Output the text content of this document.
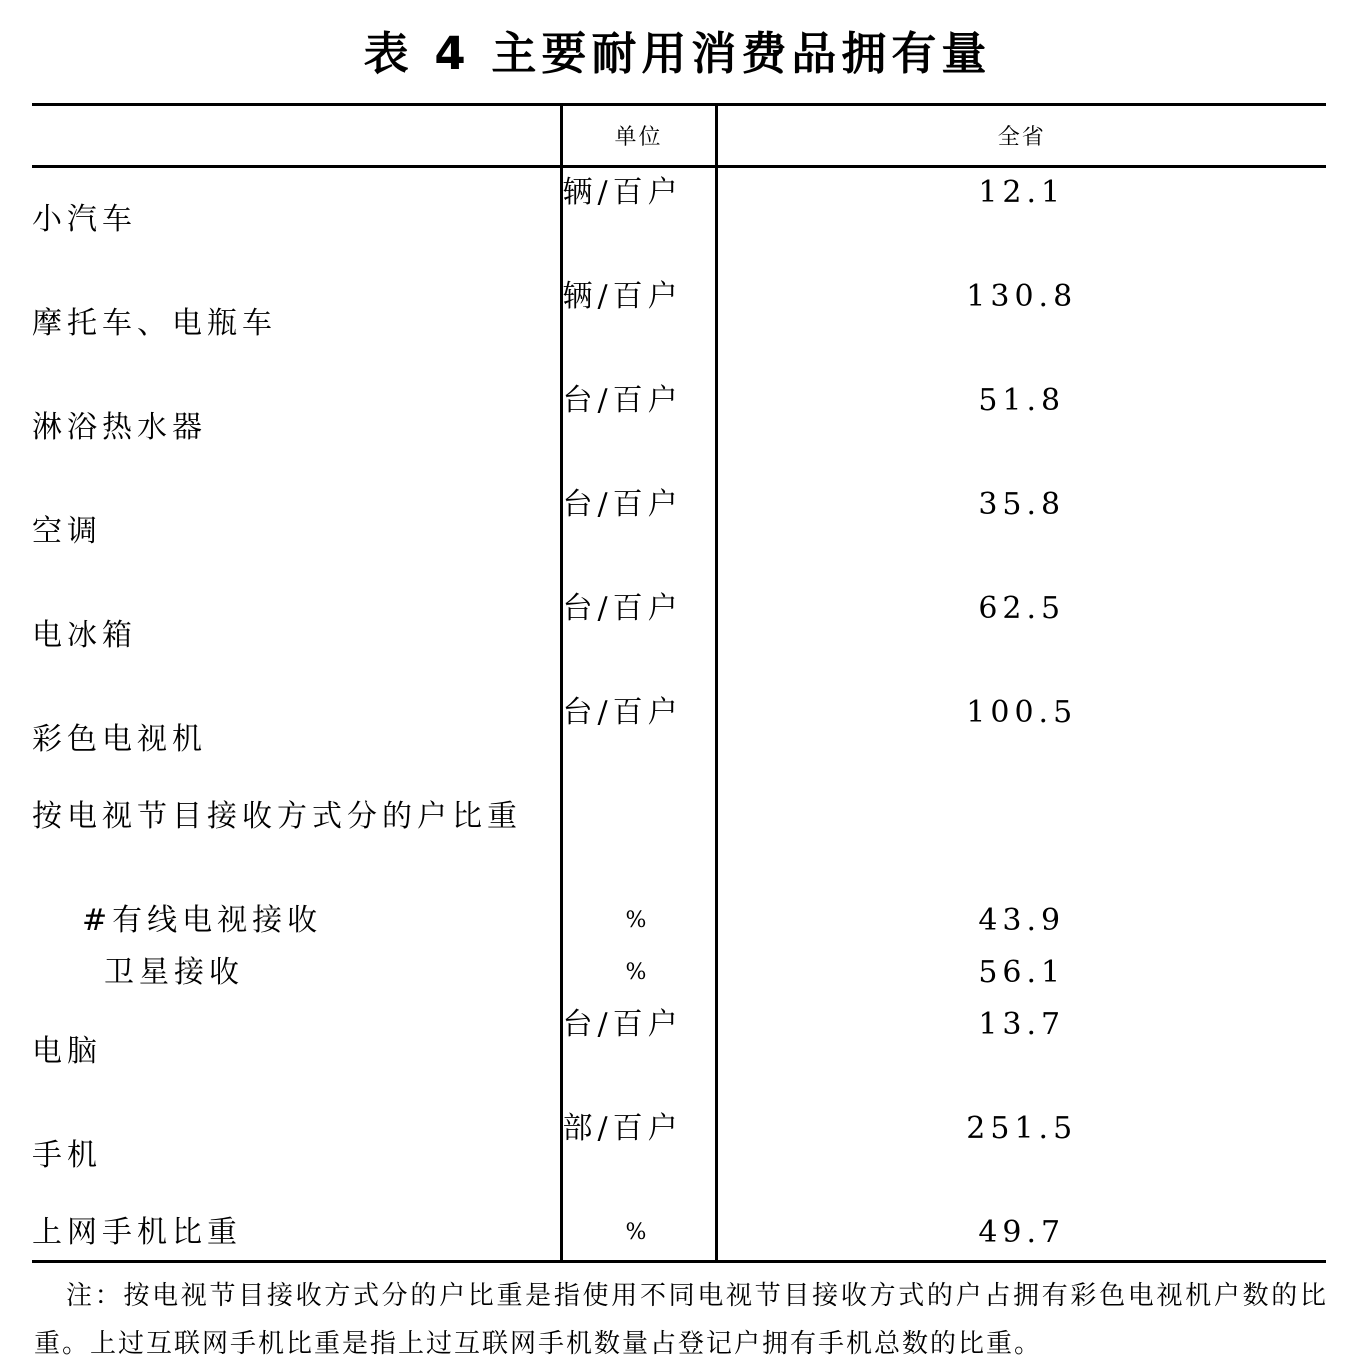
表 4 主要耐用消费品拥有量
	单位	全省
小汽车	辆/百户	12.1
摩托车、电瓶车	辆/百户	130.8
淋浴热水器	台/百户	51.8
空调	台/百户	35.8
电冰箱	台/百户	62.5
彩色电视机	台/百户	100.5
按电视节目接收方式分的户比重		
#有线电视接收	%	43.9
卫星接收	%	56.1
电脑	台/百户	13.7
手机	部/百户	251.5
上网手机比重	%	49.7
注：按电视节目接收方式分的户比重是指使用不同电视节目接收方式的户占拥有彩色电视机户数的比重。上过互联网手机比重是指上过互联网手机数量占登记户拥有手机总数的比重。
